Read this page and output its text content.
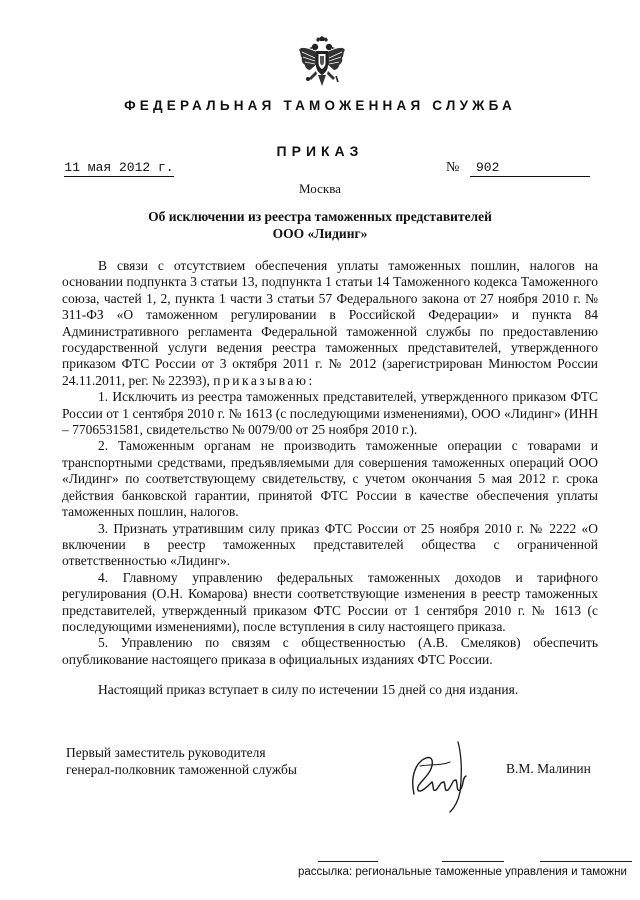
ФЕДЕРАЛЬНАЯ ТАМОЖЕННАЯ СЛУЖБА
ПРИКАЗ
11 мая 2012 г.	№	902
Москва
Об исключении из реестра таможенных представителей
ООО «Лидинг»

В связи с отсутствием обеспечения уплаты таможенных пошлин, налогов на основании подпункта 3 статьи 13, подпункта 1 статьи 14 Таможенного кодекса Таможенного союза, частей 1, 2, пункта 1 части 3 статьи 57 Федерального закона от 27 ноября 2010 г. № 311-ФЗ «О таможенном регулировании в Российской Федерации» и пункта 84 Административного регламента Федеральной таможенной службы по предоставлению государственной услуги ведения реестра таможенных представителей, утвержденного приказом ФТС России от 3 октября 2011 г. № 2012 (зарегистрирован Минюстом России 24.11.2011, рег. № 22393), приказываю:

1. Исключить из реестра таможенных представителей, утвержденного приказом ФТС России от 1 сентября 2010 г. № 1613 (с последующими изменениями), ООО «Лидинг» (ИНН – 7706531581, свидетельство № 0079/00 от 25 ноября 2010 г.).

2. Таможенным органам не производить таможенные операции с товарами и транспортными средствами, предъявляемыми для совершения таможенных операций ООО «Лидинг» по соответствующему свидетельству, с учетом окончания 5 мая 2012 г. срока действия банковской гарантии, принятой ФТС России в качестве обеспечения уплаты таможенных пошлин, налогов.

3. Признать утратившим силу приказ ФТС России от 25 ноября 2010 г. № 2222 «О включении в реестр таможенных представителей общества с ограниченной ответственностью «Лидинг».

4. Главному управлению федеральных таможенных доходов и тарифного регулирования (О.Н. Комарова) внести соответствующие изменения в реестр таможенных представителей, утвержденный приказом ФТС России от 1 сентября 2010 г. № 1613 (с последующими изменениями), после вступления в силу настоящего приказа.

5. Управлению по связям с общественностью (А.В. Смеляков) обеспечить опубликование настоящего приказа в официальных изданиях ФТС России.

Настоящий приказ вступает в силу по истечении 15 дней со дня издания.

Первый заместитель руководителя
генерал-полковник таможенной службы	В.М. Малинин
рассылка: региональные таможенные управления и таможни
